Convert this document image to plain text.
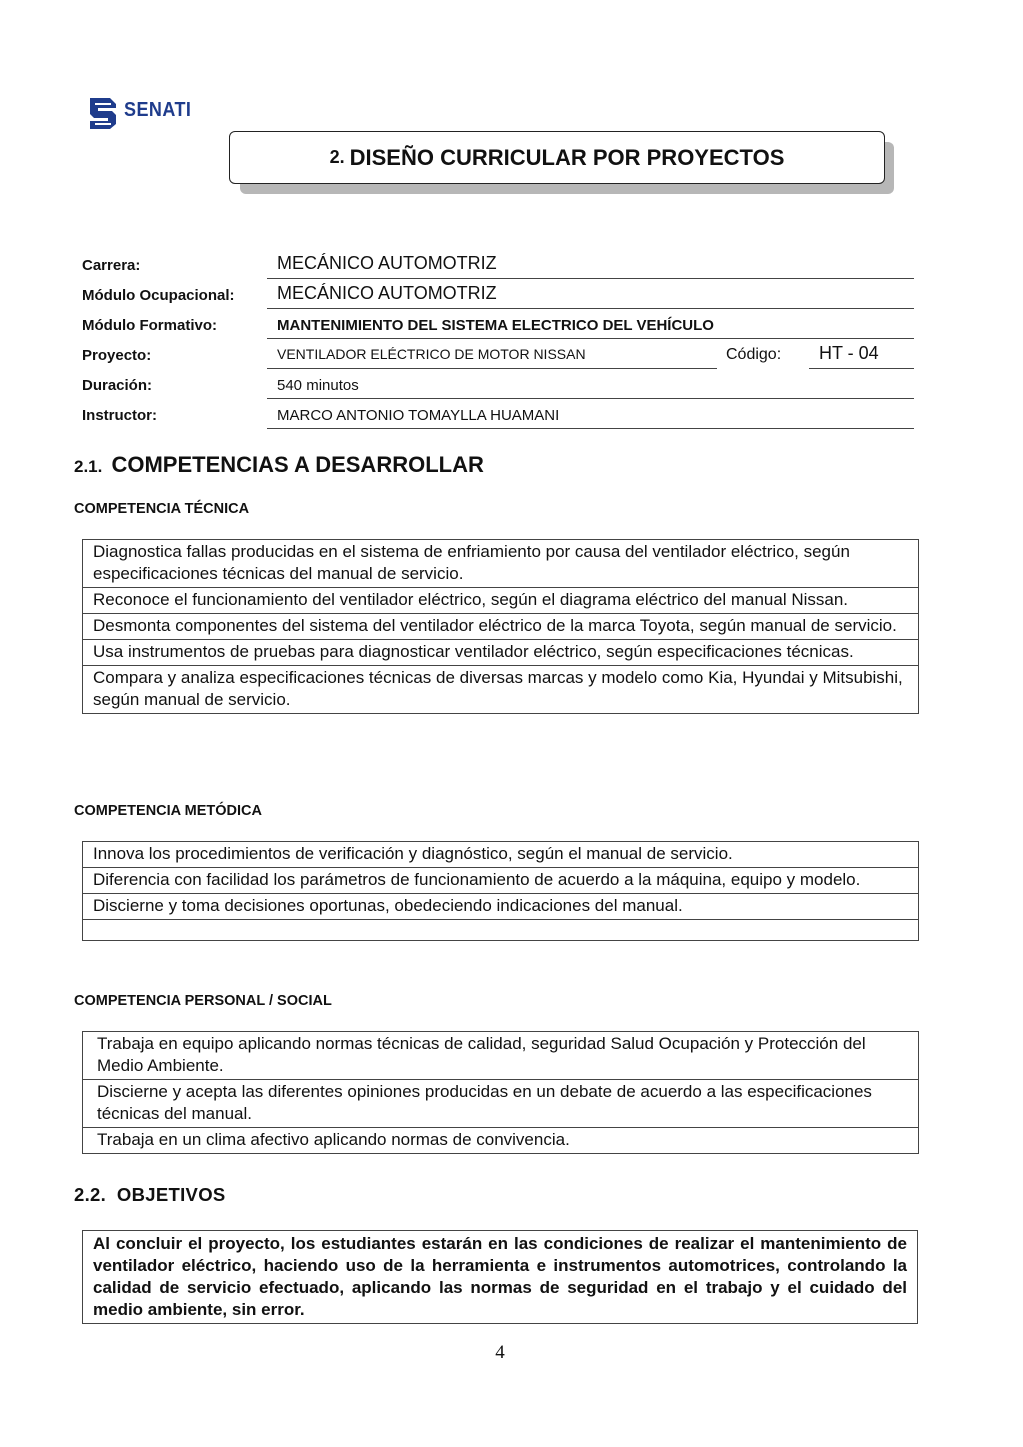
SENATI
2. DISEÑO CURRICULAR POR PROYECTOS
Carrera:	MECÁNICO AUTOMOTRIZ
Módulo Ocupacional:	MECÁNICO AUTOMOTRIZ
Módulo Formativo:	MANTENIMIENTO DEL SISTEMA ELECTRICO DEL VEHÍCULO
Proyecto:	VENTILADOR ELÉCTRICO DE MOTOR NISSAN	Código:	HT - 04
Duración:	540 minutos
Instructor:	MARCO ANTONIO TOMAYLLA HUAMANI
2.1. COMPETENCIAS A DESARROLLAR
COMPETENCIA TÉCNICA
Diagnostica fallas producidas en el sistema de enfriamiento por causa del ventilador eléctrico, según especificaciones técnicas del manual de servicio.
Reconoce el funcionamiento del ventilador eléctrico, según el diagrama eléctrico del manual Nissan.
Desmonta componentes del sistema del ventilador eléctrico de la marca Toyota, según manual de servicio.
Usa instrumentos de pruebas para diagnosticar ventilador eléctrico, según especificaciones técnicas.
Compara y analiza especificaciones técnicas de diversas marcas y modelo como Kia, Hyundai y Mitsubishi, según manual de servicio.
COMPETENCIA METÓDICA
Innova los procedimientos de verificación y diagnóstico, según el manual de servicio.
Diferencia con facilidad los parámetros de funcionamiento de acuerdo a la máquina, equipo y modelo.
Discierne y toma decisiones oportunas, obedeciendo indicaciones del manual.
COMPETENCIA PERSONAL / SOCIAL
Trabaja en equipo aplicando normas técnicas de calidad, seguridad Salud Ocupación y Protección del Medio Ambiente.
Discierne y acepta las diferentes opiniones producidas en un debate de acuerdo a las especificaciones técnicas del manual.
Trabaja en un clima afectivo aplicando normas de convivencia.
2.2.  OBJETIVOS
Al concluir el proyecto, los estudiantes estarán en las condiciones de realizar el mantenimiento de ventilador eléctrico, haciendo uso de la herramienta e instrumentos automotrices, controlando la calidad de servicio efectuado, aplicando las normas de seguridad en el trabajo y el cuidado del medio ambiente, sin error.
4
